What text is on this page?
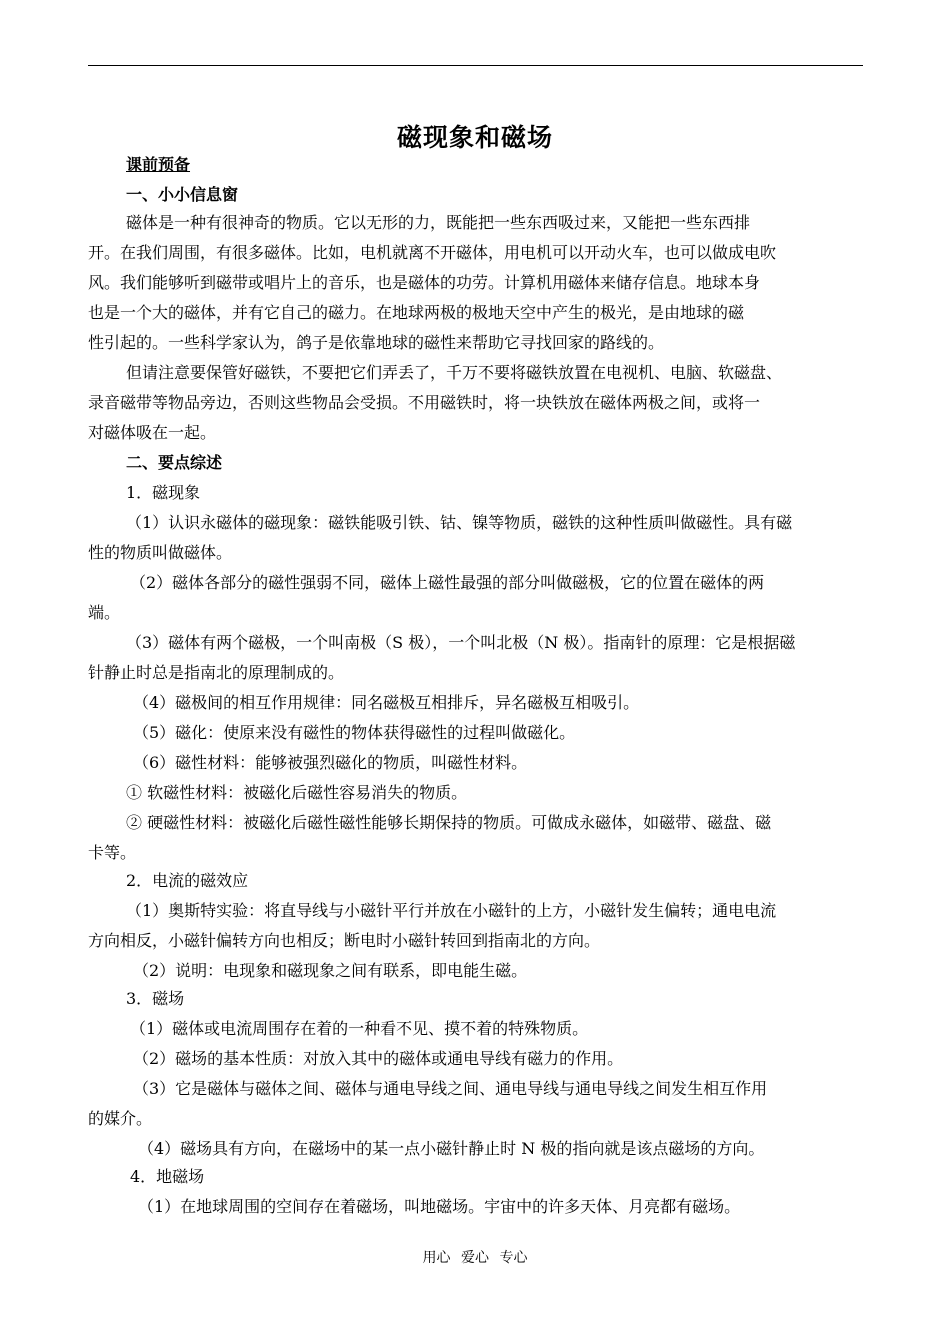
磁现象和磁场
课前预备
一、小小信息窗
磁体是一种有很神奇的物质。它以无形的力，既能把一些东西吸过来，又能把一些东西排
开。在我们周围，有很多磁体。比如，电机就离不开磁体，用电机可以开动火车，也可以做成电吹
风。我们能够听到磁带或唱片上的音乐，也是磁体的功劳。计算机用磁体来储存信息。地球本身
也是一个大的磁体，并有它自己的磁力。在地球两极的极地天空中产生的极光，是由地球的磁
性引起的。一些科学家认为，鸽子是依靠地球的磁性来帮助它寻找回家的路线的。
但请注意要保管好磁铁，不要把它们弄丢了，千万不要将磁铁放置在电视机、电脑、软磁盘、
录音磁带等物品旁边，否则这些物品会受损。不用磁铁时，将一块铁放在磁体两极之间，或将一
对磁体吸在一起。
二、要点综述
1．磁现象
（1）认识永磁体的磁现象：磁铁能吸引铁、钴、镍等物质，磁铁的这种性质叫做磁性。具有磁
性的物质叫做磁体。
（2）磁体各部分的磁性强弱不同，磁体上磁性最强的部分叫做磁极，它的位置在磁体的两
端。
（3）磁体有两个磁极，一个叫南极（S 极），一个叫北极（N 极）。指南针的原理：它是根据磁
针静止时总是指南北的原理制成的。
（4）磁极间的相互作用规律：同名磁极互相排斥，异名磁极互相吸引。
（5）磁化：使原来没有磁性的物体获得磁性的过程叫做磁化。
（6）磁性材料：能够被强烈磁化的物质，叫磁性材料。
① 软磁性材料：被磁化后磁性容易消失的物质。
② 硬磁性材料：被磁化后磁性磁性能够长期保持的物质。可做成永磁体，如磁带、磁盘、磁
卡等。
2．电流的磁效应
（1）奥斯特实验：将直导线与小磁针平行并放在小磁针的上方，小磁针发生偏转；通电电流
方向相反，小磁针偏转方向也相反；断电时小磁针转回到指南北的方向。
（2）说明：电现象和磁现象之间有联系，即电能生磁。
3．磁场
（1）磁体或电流周围存在着的一种看不见、摸不着的特殊物质。
（2）磁场的基本性质：对放入其中的磁体或通电导线有磁力的作用。
（3）它是磁体与磁体之间、磁体与通电导线之间、通电导线与通电导线之间发生相互作用
的媒介。
（4）磁场具有方向，在磁场中的某一点小磁针静止时 N 极的指向就是该点磁场的方向。
4．地磁场
（1）在地球周围的空间存在着磁场，叫地磁场。宇宙中的许多天体、月亮都有磁场。
用心 爱心 专心
